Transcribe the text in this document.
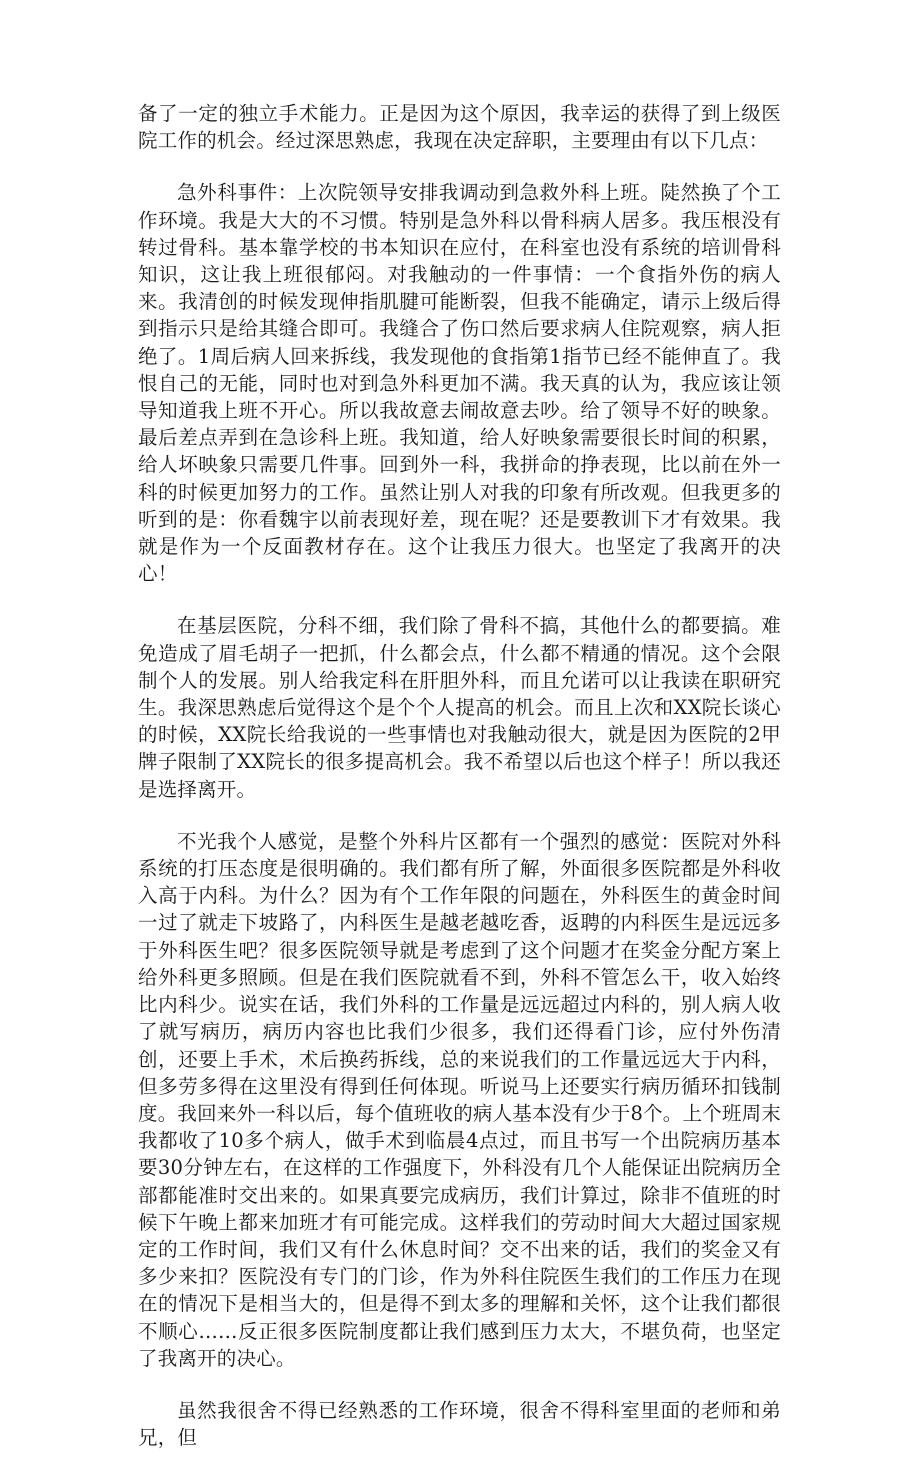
备了一定的独立手术能力。正是因为这个原因，我幸运的获得了到上级医院工作的机会。经过深思熟虑，我现在决定辞职，主要理由有以下几点：

急外科事件：上次院领导安排我调动到急救外科上班。陡然换了个工作环境。我是大大的不习惯。特别是急外科以骨科病人居多。我压根没有转过骨科。基本靠学校的书本知识在应付，在科室也没有系统的培训骨科知识，这让我上班很郁闷。对我触动的一件事情：一个食指外伤的病人来。我清创的时候发现伸指肌腱可能断裂，但我不能确定，请示上级后得到指示只是给其缝合即可。我缝合了伤口然后要求病人住院观察，病人拒绝了。1周后病人回来拆线，我发现他的食指第1指节已经不能伸直了。我恨自己的无能，同时也对到急外科更加不满。我天真的认为，我应该让领导知道我上班不开心。所以我故意去闹故意去吵。给了领导不好的映象。最后差点弄到在急诊科上班。我知道，给人好映象需要很长时间的积累，给人坏映象只需要几件事。回到外一科，我拼命的挣表现，比以前在外一科的时候更加努力的工作。虽然让别人对我的印象有所改观。但我更多的听到的是：你看魏宇以前表现好差，现在呢？还是要教训下才有效果。我就是作为一个反面教材存在。这个让我压力很大。也坚定了我离开的决心！

在基层医院，分科不细，我们除了骨科不搞，其他什么的都要搞。难免造成了眉毛胡子一把抓，什么都会点，什么都不精通的情况。这个会限制个人的发展。别人给我定科在肝胆外科，而且允诺可以让我读在职研究生。我深思熟虑后觉得这个是个个人提高的机会。而且上次和XX院长谈心的时候，XX院长给我说的一些事情也对我触动很大，就是因为医院的2甲牌子限制了XX院长的很多提高机会。我不希望以后也这个样子！所以我还是选择离开。

不光我个人感觉，是整个外科片区都有一个强烈的感觉：医院对外科系统的打压态度是很明确的。我们都有所了解，外面很多医院都是外科收入高于内科。为什么？因为有个工作年限的问题在，外科医生的黄金时间一过了就走下坡路了，内科医生是越老越吃香，返聘的内科医生是远远多于外科医生吧？很多医院领导就是考虑到了这个问题才在奖金分配方案上给外科更多照顾。但是在我们医院就看不到，外科不管怎么干，收入始终比内科少。说实在话，我们外科的工作量是远远超过内科的，别人病人收了就写病历，病历内容也比我们少很多，我们还得看门诊，应付外伤清创，还要上手术，术后换药拆线，总的来说我们的工作量远远大于内科，但多劳多得在这里没有得到任何体现。听说马上还要实行病历循环扣钱制度。我回来外一科以后，每个值班收的病人基本没有少于8个。上个班周末我都收了10多个病人，做手术到临晨4点过，而且书写一个出院病历基本要30分钟左右，在这样的工作强度下，外科没有几个人能保证出院病历全部都能准时交出来的。如果真要完成病历，我们计算过，除非不值班的时候下午晚上都来加班才有可能完成。这样我们的劳动时间大大超过国家规定的工作时间，我们又有什么休息时间？交不出来的话，我们的奖金又有多少来扣？医院没有专门的门诊，作为外科住院医生我们的工作压力在现在的情况下是相当大的，但是得不到太多的理解和关怀，这个让我们都很不顺心……反正很多医院制度都让我们感到压力太大，不堪负荷，也坚定了我离开的决心。

虽然我很舍不得已经熟悉的工作环境，很舍不得科室里面的老师和弟兄，但
